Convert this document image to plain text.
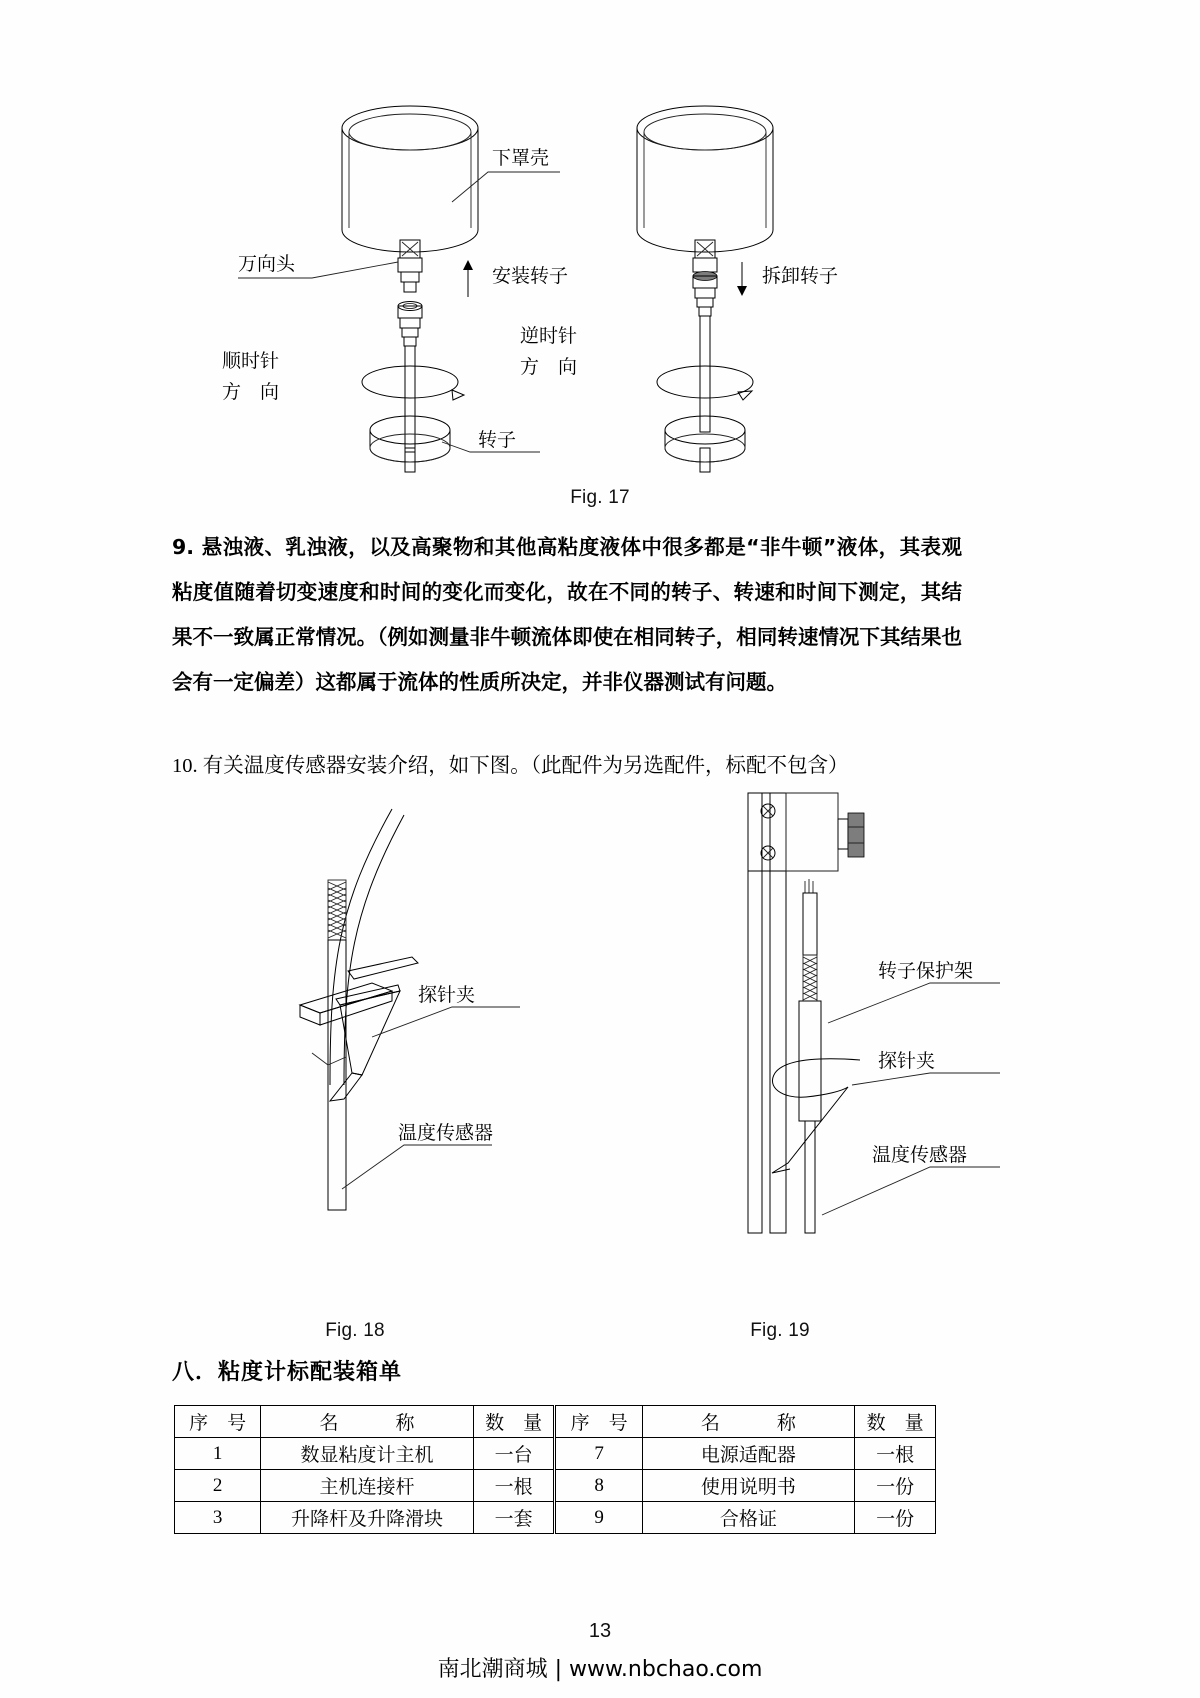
下罩壳
万向头
安装转子
顺时针
方　向
转子
拆卸转子
逆时针
方　向
Fig. 17
9. 悬浊液、乳浊液，以及高聚物和其他高粘度液体中很多都是“非牛顿”液体，其表观粘度值随着切变速度和时间的变化而变化，故在不同的转子、转速和时间下测定，其结果不一致属正常情况。（例如测量非牛顿流体即使在相同转子，相同转速情况下其结果也会有一定偏差）这都属于流体的性质所决定，并非仪器测试有问题。
10. 有关温度传感器安装介绍，如下图。（此配件为另选配件，标配不包含）
探针夹
温度传感器
转子保护架
探针夹
温度传感器
Fig. 18	Fig. 19
八．粘度计标配装箱单
序　号	名　　　称	数　量	序　号	名　　　称	数　量
1	数显粘度计主机	一台	7	电源适配器	一根
2	主机连接杆	一根	8	使用说明书	一份
3	升降杆及升降滑块	一套	9	合格证	一份
13
南北潮商城 | www.nbchao.com
